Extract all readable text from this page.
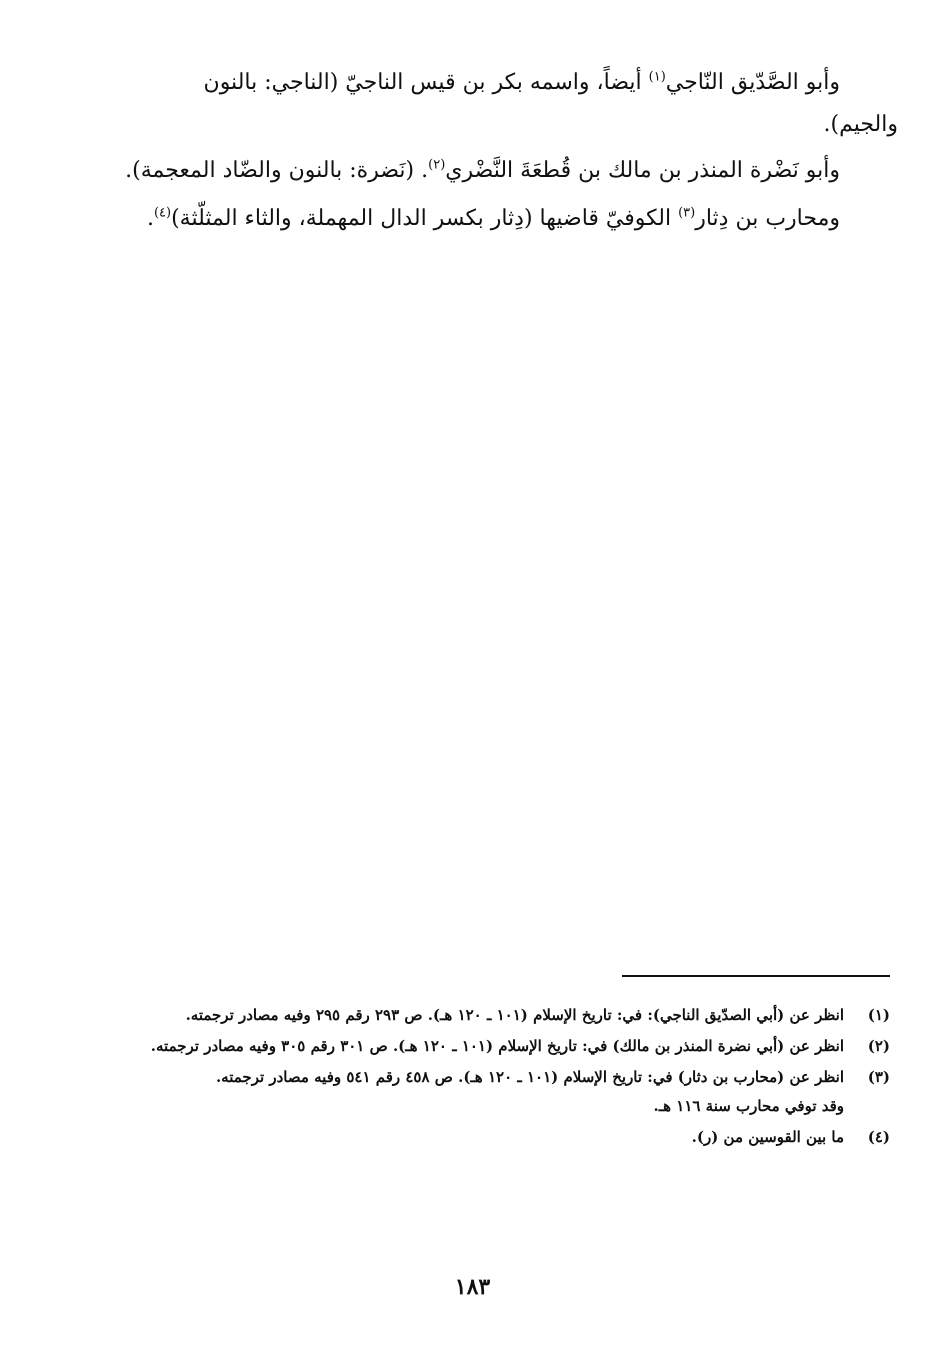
وأبو الصَّدّيق النّاجي$^{(١)}$ أيضاً، واسمه بكر بن قيس الناجيّ (الناجي: بالنون
والجيم).

وأبو نَضْرة المنذر بن مالك بن قُطعَةَ النَّضْري$^{(٢)}$. (نَضرة: بالنون والضّاد المعجمة).

ومحارب بن دِثار$^{(٣)}$ الكوفيّ قاضيها (دِثار بكسر الدال المهملة، والثاء المثلّثة)$^{(٤)}$.

(١)
انظر عن (أبي الصدّيق الناجي): في: تاريخ الإسلام (١٠١ ـ ١٢٠ هـ). ص ٢٩٣ رقم ٢٩٥ وفيه مصادر ترجمته.
(٢)
انظر عن (أبي نضرة المنذر بن مالك) في: تاريخ الإسلام (١٠١ ـ ١٢٠ هـ). ص ٣٠١ رقم ٣٠٥ وفيه مصادر ترجمته.
(٣)
انظر عن (محارب بن دثار) في: تاريخ الإسلام (١٠١ ـ ١٢٠ هـ). ص ٤٥٨ رقم ٥٤١ وفيه مصادر ترجمته.
وقد توفي محارب سنة ١١٦ هـ.
(٤)
ما بين القوسين من (ر).
١٨٣
